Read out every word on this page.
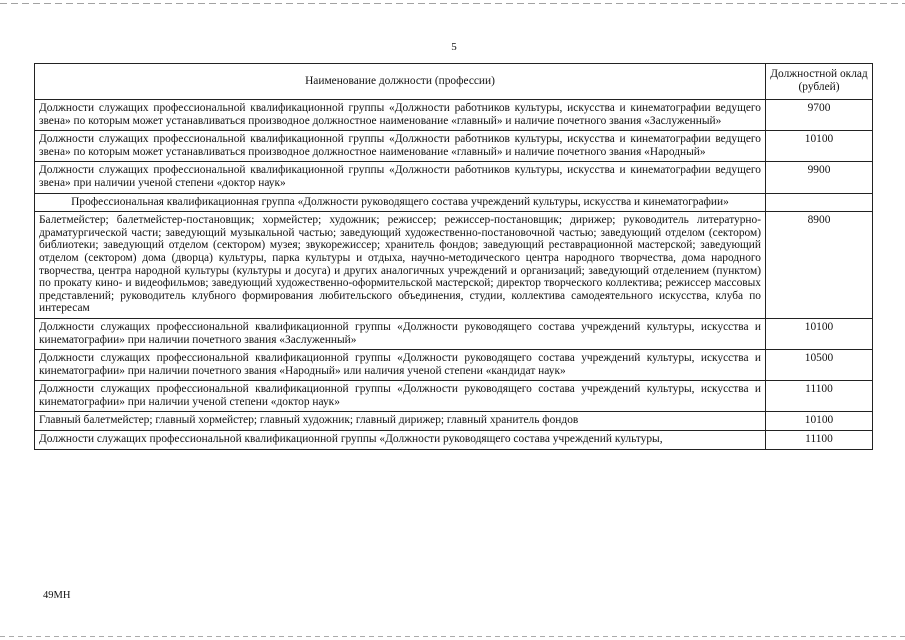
5
Наименование должности (профессии)	Должностной оклад (рублей)
Должности служащих профессиональной квалификационной группы «Должности работников культуры, искусства и кинематографии ведущего звена» по которым может устанавливаться производное должностное наименование «главный» и наличие почетного звания «Заслуженный»	9700
Должности служащих профессиональной квалификационной группы «Должности работников культуры, искусства и кинематографии ведущего звена» по которым может устанавливаться производное должностное наименование «главный» и наличие почетного звания «Народный»	10100
Должности служащих профессиональной квалификационной группы «Должности работников культуры, искусства и кинематографии ведущего звена» при наличии ученой степени «доктор наук»	9900
Профессиональная квалификационная группа «Должности руководящего состава учреждений культуры, искусства и кинематографии»	
Балетмейстер; балетмейстер-постановщик; хормейстер; художник; режиссер; режиссер-постановщик; дирижер; руководитель литературно-драматургической части; заведующий музыкальной частью; заведующий художественно-постановочной частью; заведующий отделом (сектором) библиотеки; заведующий отделом (сектором) музея; звукорежиссер; хранитель фондов; заведующий реставрационной мастерской; заведующий отделом (сектором) дома (дворца) культуры, парка культуры и отдыха, научно-методического центра народного творчества, дома народного творчества, центра народной культуры (культуры и досуга) и других аналогичных учреждений и организаций; заведующий отделением (пунктом) по прокату кино- и видеофильмов; заведующий художественно-оформительской мастерской; директор творческого коллектива; режиссер массовых представлений; руководитель клубного формирования любительского объединения, студии, коллектива самодеятельного искусства, клуба по интересам	8900
Должности служащих профессиональной квалификационной группы «Должности руководящего состава учреждений культуры, искусства и кинематографии» при наличии почетного звания «Заслуженный»	10100
Должности служащих профессиональной квалификационной группы «Должности руководящего состава учреждений культуры, искусства и кинематографии» при наличии почетного звания «Народный» или наличия ученой степени «кандидат наук»	10500
Должности служащих профессиональной квалификационной группы «Должности руководящего состава учреждений культуры, искусства и кинематографии» при наличии ученой степени «доктор наук»	11100
Главный балетмейстер; главный хормейстер; главный художник; главный дирижер; главный хранитель фондов	10100
Должности служащих профессиональной квалификационной группы «Должности руководящего состава учреждений культуры,	11100
49МН
